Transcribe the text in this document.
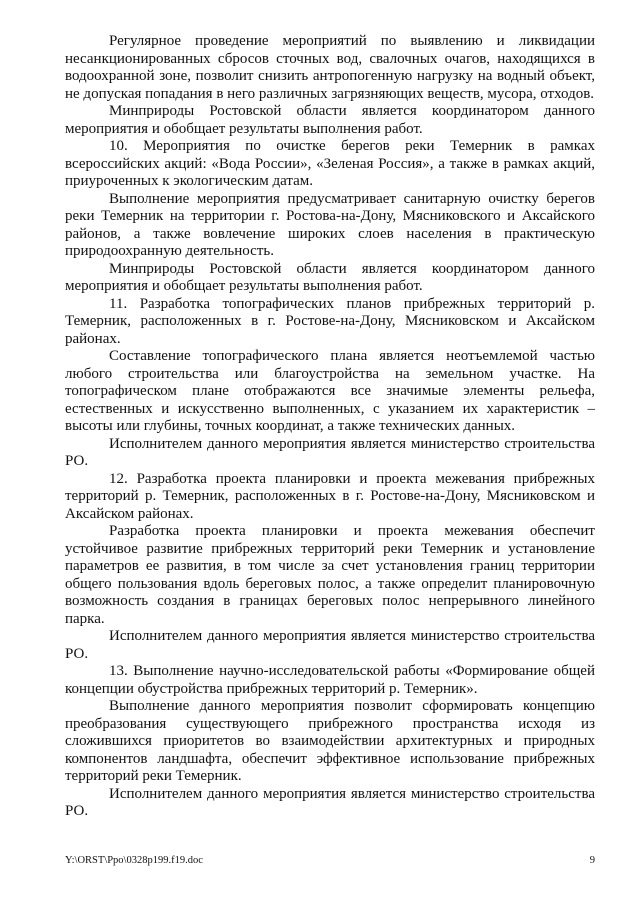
Регулярное проведение мероприятий по выявлению и ликвидации несанкционированных сбросов сточных вод, свалочных очагов, находящихся в водоохранной зоне, позволит снизить антропогенную нагрузку на водный объект, не допуская попадания в него различных загрязняющих веществ, мусора, отходов.

Минприроды Ростовской области является координатором данного мероприятия и обобщает результаты выполнения работ.

10. Мероприятия по очистке берегов реки Темерник в рамках всероссийских акций: «Вода России», «Зеленая Россия», а также в рамках акций, приуроченных к экологическим датам.

Выполнение мероприятия предусматривает санитарную очистку берегов реки Темерник на территории г. Ростова-на-Дону, Мясниковского и Аксайского районов, а также вовлечение широких слоев населения в практическую природоохранную деятельность.

Минприроды Ростовской области является координатором данного мероприятия и обобщает результаты выполнения работ.

11. Разработка топографических планов прибрежных территорий р. Темерник, расположенных в г. Ростове-на-Дону, Мясниковском и Аксайском районах.

Составление топографического плана является неотъемлемой частью любого строительства или благоустройства на земельном участке. На топографическом плане отображаются все значимые элементы рельефа, естественных и искусственно выполненных, с указанием их характеристик – высоты или глубины, точных координат, а также технических данных.

Исполнителем данного мероприятия является министерство строительства РО.

12. Разработка проекта планировки и проекта межевания прибрежных территорий р. Темерник, расположенных в г. Ростове-на-Дону, Мясниковском и Аксайском районах.

Разработка проекта планировки и проекта межевания обеспечит устойчивое развитие прибрежных территорий реки Темерник и установление параметров ее развития, в том числе за счет установления границ территории общего пользования вдоль береговых полос, а также определит планировочную возможность создания в границах береговых полос непрерывного линейного парка.

Исполнителем данного мероприятия является министерство строительства РО.

13. Выполнение научно-исследовательской работы «Формирование общей концепции обустройства прибрежных территорий р. Темерник».

Выполнение данного мероприятия позволит сформировать концепцию преобразования существующего прибрежного пространства исходя из сложившихся приоритетов во взаимодействии архитектурных и природных компонентов ландшафта, обеспечит эффективное использование прибрежных территорий реки Темерник.

Исполнителем данного мероприятия является министерство строительства РО.

Y:\ORST\Ppo\0328p199.f19.doc	9
